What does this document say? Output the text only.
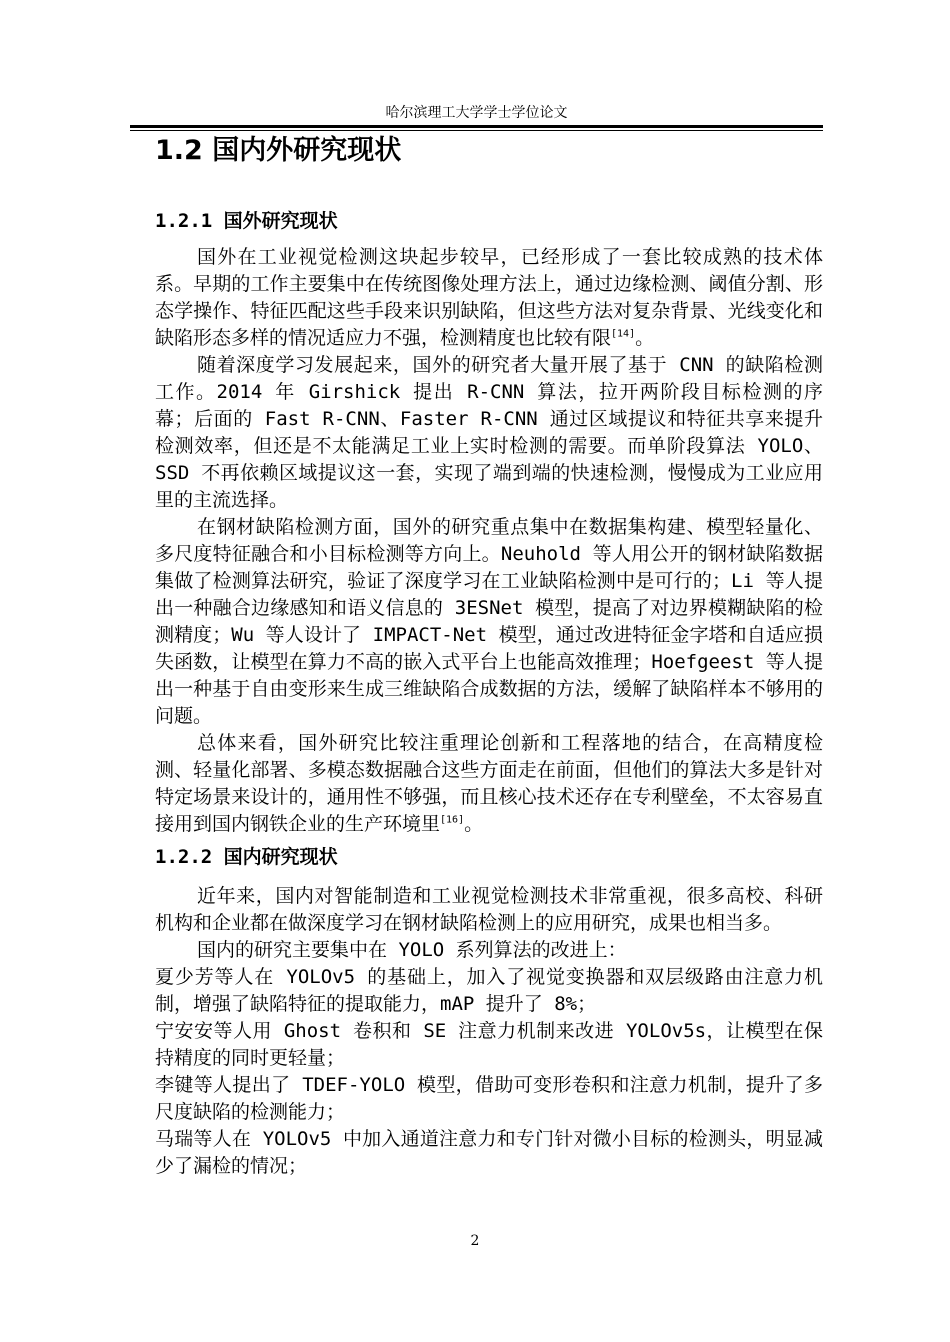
哈尔滨理工大学学士学位论文
1.2 国内外研究现状
1.2.1 国外研究现状

国外在工业视觉检测这块起步较早，已经形成了一套比较成熟的技术体系。早期的工作主要集中在传统图像处理方法上，通过边缘检测、阈值分割、形态学操作、特征匹配这些手段来识别缺陷，但这些方法对复杂背景、光线变化和缺陷形态多样的情况适应力不强，检测精度也比较有限[14]。

随着深度学习发展起来，国外的研究者大量开展了基于 CNN 的缺陷检测工作。2014 年 Girshick 提出 R-CNN 算法，拉开两阶段目标检测的序幕；后面的 Fast R-CNN、Faster R-CNN 通过区域提议和特征共享来提升检测效率，但还是不太能满足工业上实时检测的需要。而单阶段算法 YOLO、SSD 不再依赖区域提议这一套，实现了端到端的快速检测，慢慢成为工业应用里的主流选择。

在钢材缺陷检测方面，国外的研究重点集中在数据集构建、模型轻量化、多尺度特征融合和小目标检测等方向上。Neuhold 等人用公开的钢材缺陷数据集做了检测算法研究，验证了深度学习在工业缺陷检测中是可行的；Li 等人提出一种融合边缘感知和语义信息的 3ESNet 模型，提高了对边界模糊缺陷的检测精度；Wu 等人设计了 IMPACT-Net 模型，通过改进特征金字塔和自适应损失函数，让模型在算力不高的嵌入式平台上也能高效推理；Hoefgeest 等人提出一种基于自由变形来生成三维缺陷合成数据的方法，缓解了缺陷样本不够用的问题。

总体来看，国外研究比较注重理论创新和工程落地的结合，在高精度检测、轻量化部署、多模态数据融合这些方面走在前面，但他们的算法大多是针对特定场景来设计的，通用性不够强，而且核心技术还存在专利壁垒，不太容易直接用到国内钢铁企业的生产环境里[16]。

1.2.2 国内研究现状

近年来，国内对智能制造和工业视觉检测技术非常重视，很多高校、科研机构和企业都在做深度学习在钢材缺陷检测上的应用研究，成果也相当多。

国内的研究主要集中在 YOLO 系列算法的改进上：

夏少芳等人在 YOLOv5 的基础上，加入了视觉变换器和双层级路由注意力机制，增强了缺陷特征的提取能力，mAP 提升了 8%；

宁安安等人用 Ghost 卷积和 SE 注意力机制来改进 YOLOv5s，让模型在保持精度的同时更轻量；

李键等人提出了 TDEF-YOLO 模型，借助可变形卷积和注意力机制，提升了多尺度缺陷的检测能力；

马瑞等人在 YOLOv5 中加入通道注意力和专门针对微小目标的检测头，明显减少了漏检的情况；

2
